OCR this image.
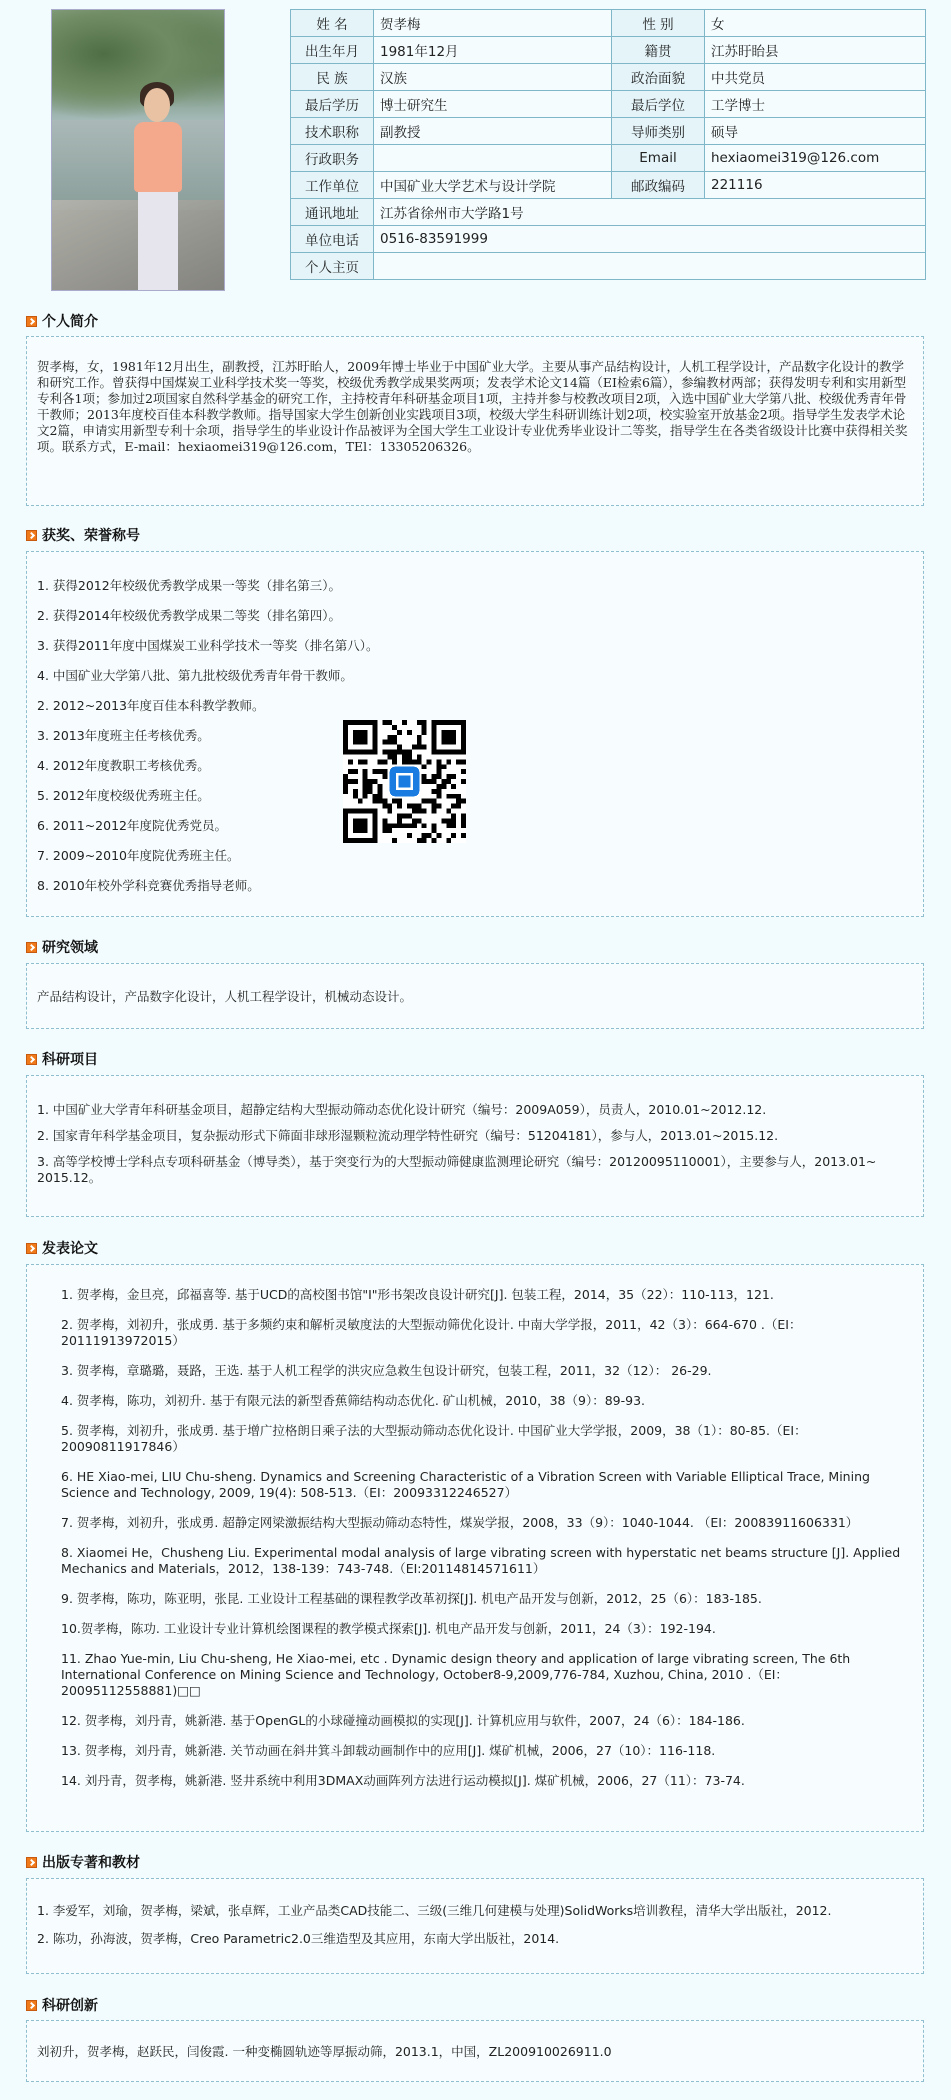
姓 名	贺孝梅	性 别	女
出生年月	1981年12月	籍贯	江苏盱眙县
民 族	汉族	政治面貌	中共党员
最后学历	博士研究生	最后学位	工学博士
技术职称	副教授	导师类别	硕导
行政职务		Email	hexiaomei319@126.com
工作单位	中国矿业大学艺术与设计学院	邮政编码	221116
通讯地址	江苏省徐州市大学路1号		
单位电话	0516-83591999		
个人主页			
个人简介

贺孝梅，女，1981年12月出生，副教授，江苏盱眙人，2009年博士毕业于中国矿业大学。主要从事产品结构设计，人机工程学设计，产品数字化设计的教学和研究工作。曾获得中国煤炭工业科学技术奖一等奖，校级优秀教学成果奖两项；发表学术论文14篇（EI检索6篇），参编教材两部；获得发明专利和实用新型专利各1项；参加过2项国家自然科学基金的研究工作，主持校青年科研基金项目1项，主持并参与校教改项目2项，入选中国矿业大学第八批、校级优秀青年骨干教师；2013年度校百佳本科教学教师。指导国家大学生创新创业实践项目3项，校级大学生科研训练计划2项，校实验室开放基金2项。指导学生发表学术论文2篇，申请实用新型专利十余项，指导学生的毕业设计作品被评为全国大学生工业设计专业优秀毕业设计二等奖，指导学生在各类省级设计比赛中获得相关奖项。联系方式，E-mail：hexiaomei319@126.com，TEl：13305206326。

获奖、荣誉称号
1. 获得2012年校级优秀教学成果一等奖（排名第三）。
2. 获得2014年校级优秀教学成果二等奖（排名第四）。
3. 获得2011年度中国煤炭工业科学技术一等奖（排名第八）。
4. 中国矿业大学第八批、第九批校级优秀青年骨干教师。
2. 2012~2013年度百佳本科教学教师。
3. 2013年度班主任考核优秀。
4. 2012年度教职工考核优秀。
5. 2012年度校级优秀班主任。
6. 2011~2012年度院优秀党员。
7. 2009~2010年度院优秀班主任。
8. 2010年校外学科竞赛优秀指导老师。
研究领域

产品结构设计，产品数字化设计，人机工程学设计，机械动态设计。

科研项目
1. 中国矿业大学青年科研基金项目，超静定结构大型振动筛动态优化设计研究（编号：2009A059），员责人，2010.01~2012.12.
2. 国家青年科学基金项目，复杂振动形式下筛面非球形湿颗粒流动理学特性研究（编号：51204181），参与人，2013.01~2015.12.
3. 高等学校博士学科点专项科研基金（博导类），基于突变行为的大型振动筛健康监测理论研究（编号：20120095110001），主要参与人，2013.01~ 2015.12。
发表论文
1. 贺孝梅，金旦亮，邱福喜等. 基于UCD的高校图书馆"I"形书架改良设计研究[J]. 包装工程，2014，35（22）：110-113，121.
2. 贺孝梅，刘初升，张成勇. 基于多频约束和解析灵敏度法的大型振动筛优化设计. 中南大学学报，2011，42（3）：664-670 .（EI：20111913972015）
3. 贺孝梅，章璐璐，聂路，王选. 基于人机工程学的洪灾应急救生包设计研究，包装工程，2011，32（12）： 26-29.
4. 贺孝梅，陈功，刘初升. 基于有限元法的新型香蕉筛结构动态优化. 矿山机械，2010，38（9）：89-93.
5. 贺孝梅，刘初升，张成勇. 基于增广拉格朗日乘子法的大型振动筛动态优化设计. 中国矿业大学学报，2009，38（1）：80-85.（EI：20090811917846）
6. HE Xiao-mei, LIU Chu-sheng. Dynamics and Screening Characteristic of a Vibration Screen with Variable Elliptical Trace, Mining Science and Technology, 2009, 19(4): 508-513.（EI：20093312246527）
7. 贺孝梅，刘初升，张成勇. 超静定网梁激振结构大型振动筛动态特性，煤炭学报，2008，33（9）：1040-1044. （EI：20083911606331）
8. Xiaomei He，Chusheng Liu. Experimental modal analysis of large vibrating screen with hyperstatic net beams structure [J]. Applied Mechanics and Materials，2012，138-139：743-748.（EI:20114814571611）
9. 贺孝梅，陈功，陈亚明，张昆. 工业设计工程基础的课程教学改革初探[J]. 机电产品开发与创新，2012，25（6）：183-185.
10.贺孝梅，陈功. 工业设计专业计算机绘图课程的教学模式探索[J]. 机电产品开发与创新，2011，24（3）：192-194.
11. Zhao Yue-min, Liu Chu-sheng, He Xiao-mei, etc . Dynamic design theory and application of large vibrating screen, The 6th International Conference on Mining Science and Technology, October8-9,2009,776-784, Xuzhou, China, 2010 .（EI：20095112558881)□□
12. 贺孝梅，刘丹青，姚新港. 基于OpenGL的小球碰撞动画模拟的实现[J]. 计算机应用与软件，2007，24（6）：184-186.
13. 贺孝梅，刘丹青，姚新港. 关节动画在斜井箕斗卸载动画制作中的应用[J]. 煤矿机械，2006，27（10）：116-118.
14. 刘丹青，贺孝梅，姚新港. 竖井系统中利用3DMAX动画阵列方法进行运动模拟[J]. 煤矿机械，2006，27（11）：73-74.
出版专著和教材
1. 李爱军，刘瑜，贺孝梅，梁斌，张卓辉，工业产品类CAD技能二、三级(三维几何建模与处理)SolidWorks培训教程，清华大学出版社，2012.
2. 陈功，孙海波，贺孝梅，Creo Parametric2.0三维造型及其应用，东南大学出版社，2014.
科研创新

刘初升，贺孝梅，赵跃民，闫俊霞. 一种变椭圆轨迹等厚振动筛，2013.1，中国，ZL200910026911.0
